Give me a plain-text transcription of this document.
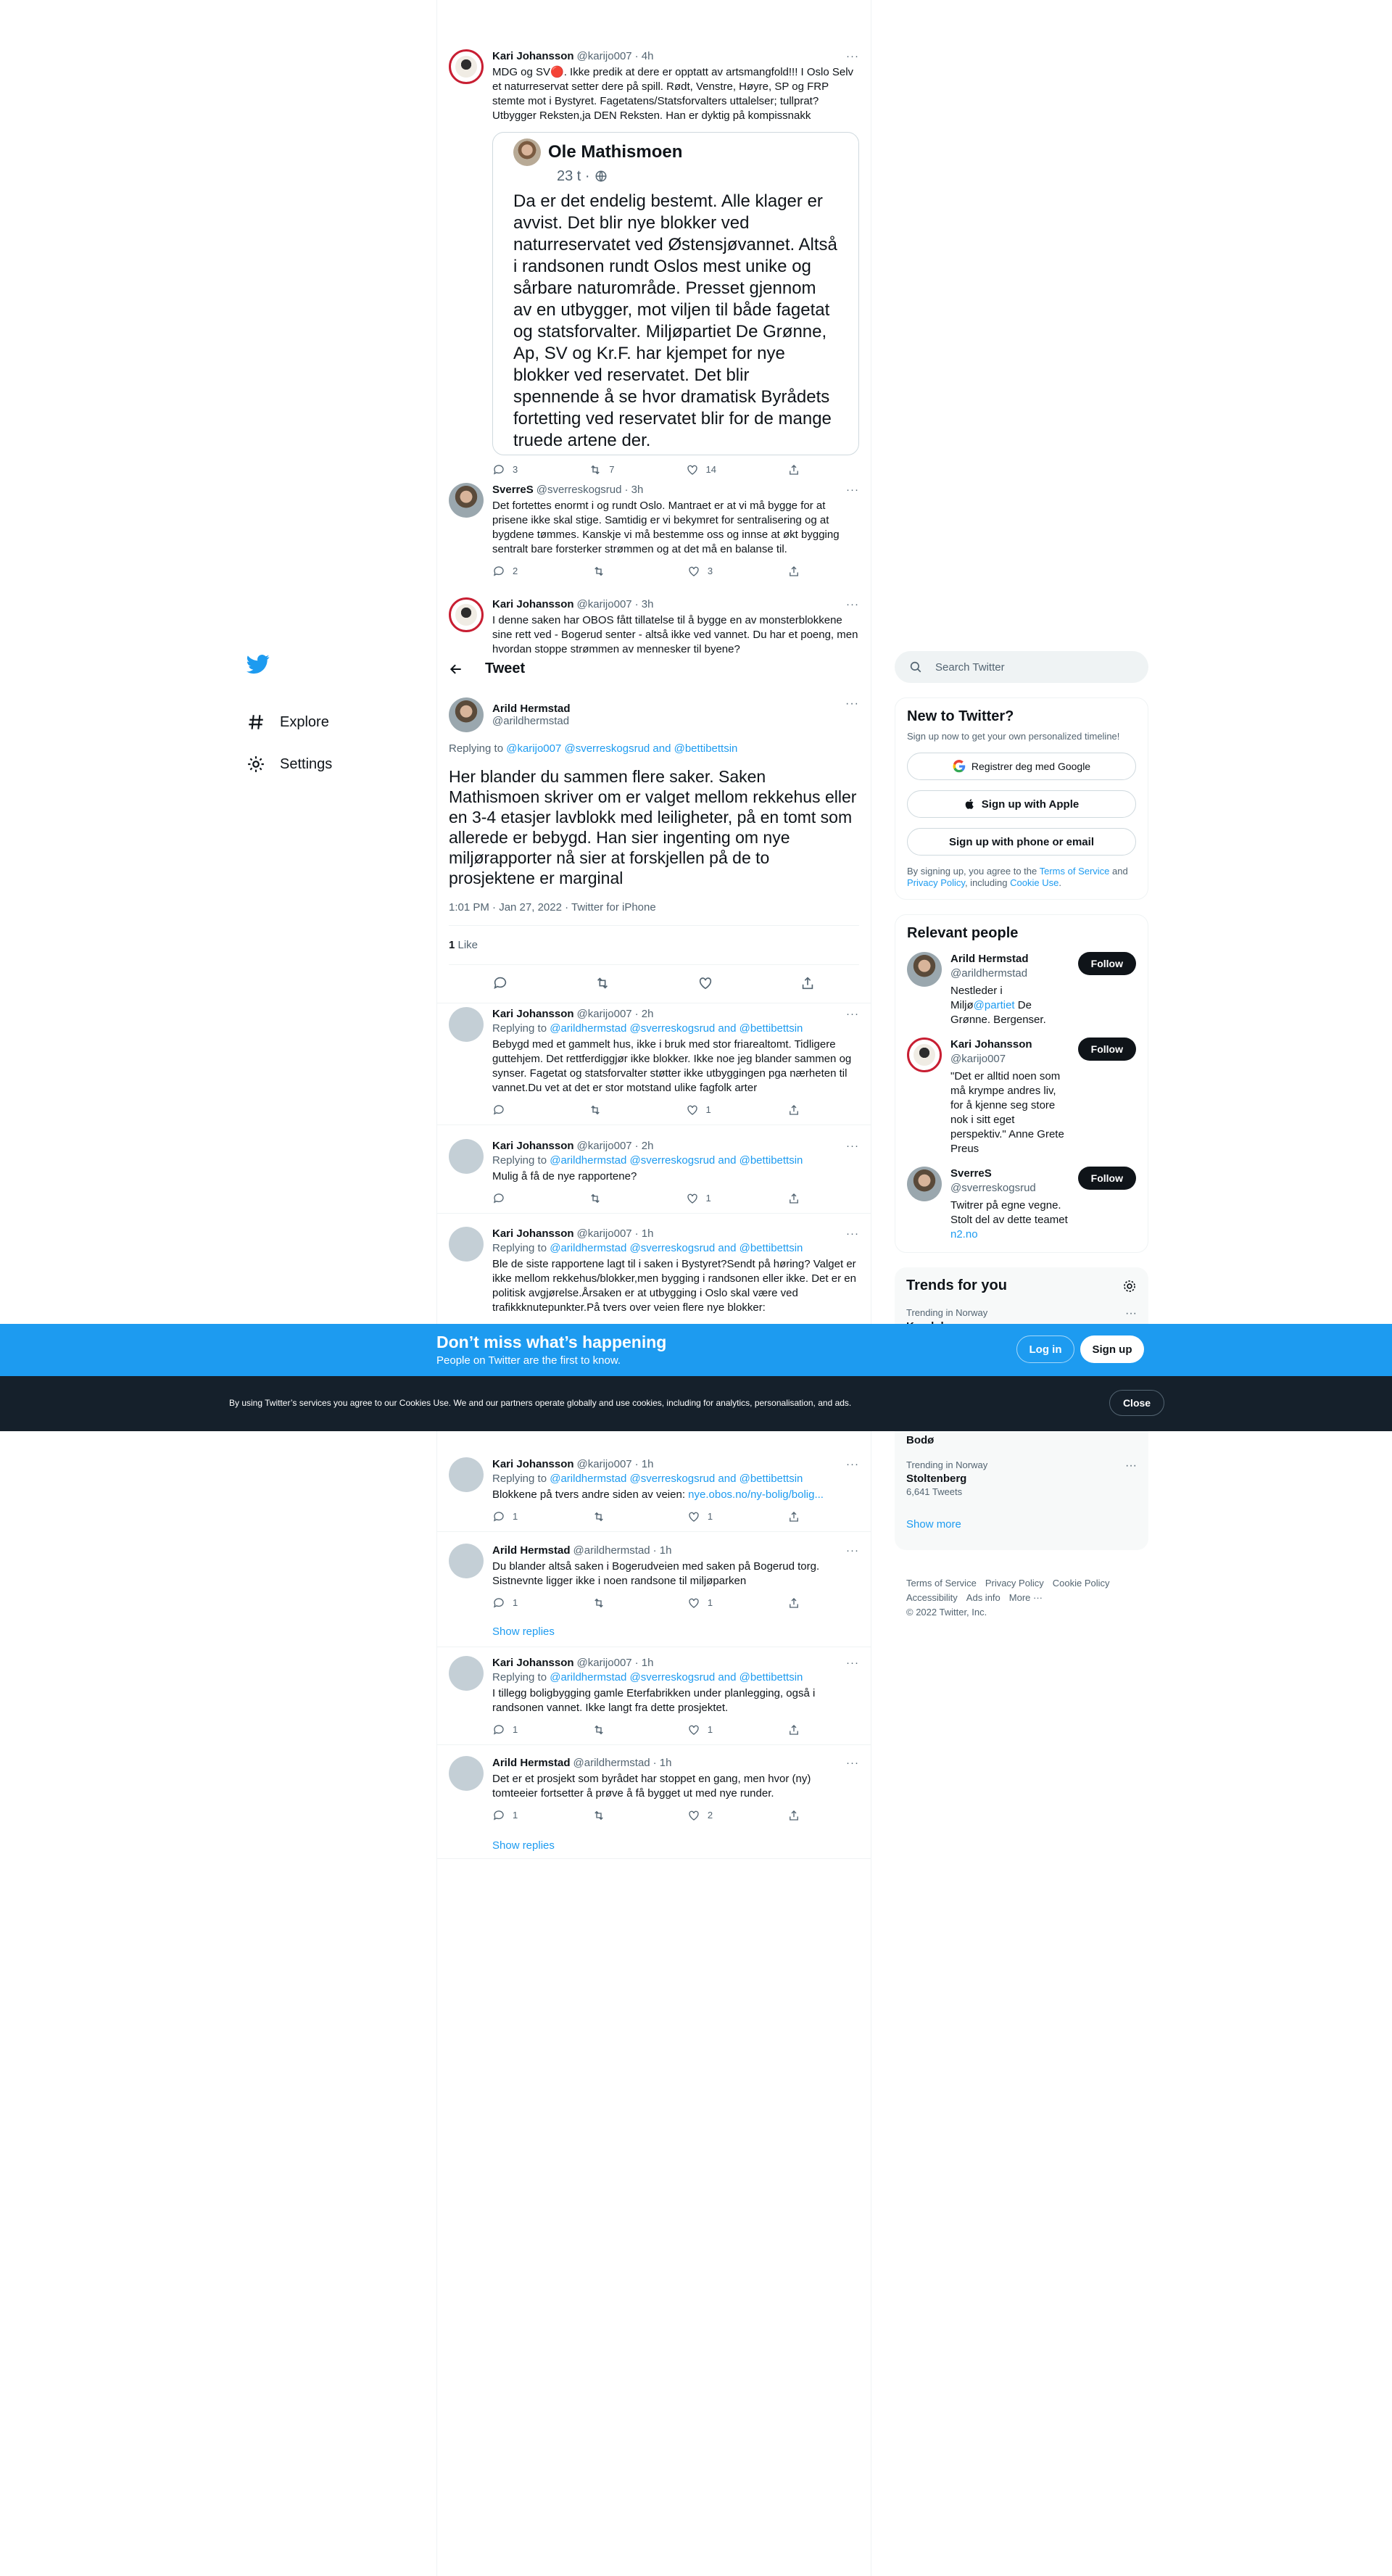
Explore
Settings
Kari Johansson @karijo007 · 4h	···
MDG og SV🔴. Ikke predik at dere er opptatt av artsmangfold!!! I Oslo Selv et naturreservat setter dere på spill. Rødt, Venstre, Høyre, SP og FRP stemte mot i Bystyret. Fagetatens/Statsforvalters uttalelser; tullprat? Utbygger Reksten,ja DEN Reksten. Han er dyktig på kompissnakk
Ole Mathismoen
23 t ·
Da er det endelig bestemt. Alle klager er avvist. Det blir nye blokker ved naturreservatet ved Østensjøvannet. Altså i randsonen rundt Oslos mest unike og sårbare naturområde. Presset gjennom av en utbygger, mot viljen til både fagetat og statsforvalter. Miljøpartiet De Grønne, Ap, SV og Kr.F. har kjempet for nye blokker ved reservatet. Det blir spennende å se hvor dramatisk Byrådets fortetting ved reservatet blir for de mange truede artene der.
3	7	14
SverreS @sverreskogsrud · 3h	···
Det fortettes enormt i og rundt Oslo. Mantraet er at vi må bygge for at prisene ikke skal stige. Samtidig er vi bekymret for sentralisering og at bygdene tømmes. Kanskje vi må bestemme oss og innse at økt bygging sentralt bare forsterker strømmen og at det må en balanse til.
2	3
Kari Johansson @karijo007 · 3h	···
I denne saken har OBOS fått tillatelse til å bygge en av monsterblokkene sine rett ved - Bogerud senter - altså ikke ved vannet. Du har et poeng, men hvordan stoppe strømmen av mennesker til byene?
Tweet
Arild Hermstad
@arildhermstad
···
Replying to @karijo007 @sverreskogsrud and @bettibettsin
Her blander du sammen flere saker. Saken Mathismoen skriver om er valget mellom rekkehus eller en 3-4 etasjer lavblokk med leiligheter, på en tomt som allerede er bebygd. Han sier ingenting om nye miljørapporter nå sier at forskjellen på de to prosjektene er marginal
1:01 PM · Jan 27, 2022 · Twitter for iPhone
1 Like
Kari Johansson @karijo007 · 2h	···
Replying to @arildhermstad @sverreskogsrud and @bettibettsin
Bebygd med et gammelt hus, ikke i bruk med stor friarealtomt. Tidligere gutteh​jem. Det rettferdiggjør ikke blokker. Ikke noe jeg blander sammen og synser. Fagetat og statsforvalter støtter ikke utbyggingen pga nærheten til vannet.Du vet at det er stor motstand ulike fagfolk arter
1
Kari Johansson @karijo007 · 2h	···
Replying to @arildhermstad @sverreskogsrud and @bettibettsin
Mulig å få de nye rapportene?
1
Kari Johansson @karijo007 · 1h	···
Replying to @arildhermstad @sverreskogsrud and @bettibettsin
Ble de siste rapportene lagt til i saken i Bystyret?Sendt på høring? Valget er ikke mellom rekkehus/blokker,men bygging i randsonen eller ikke. Det er en politisk avgjørelse.Årsaken er at utbygging i Oslo skal være ved trafikkknutepunkter.På tvers over veien flere nye blokker:
Kari Johansson @karijo007 · 1h	···
Replying to @arildhermstad @sverreskogsrud and @bettibettsin
Blokkene på tvers andre siden av veien: nye.obos.no/ny-bolig/bolig...
1	1
Arild Hermstad @arildhermstad · 1h	···
Du blander altså saken i Bogerudveien med saken på Bogerud torg. Sistnevnte ligger ikke i noen randsone til miljøparken
1	1
Show replies
Kari Johansson @karijo007 · 1h	···
Replying to @arildhermstad @sverreskogsrud and @bettibettsin
I tillegg boligbygging gamle Eterfabrikken under planlegging, også i randsonen vannet. Ikke langt fra dette prosjektet.
1	1
Arild Hermstad @arildhermstad · 1h	···
Det er et prosjekt som byrådet har stoppet en gang, men hvor (ny) tomteeier fortsetter å prøve å få bygget ut med nye runder.
1	2
Show replies
Search Twitter
New to Twitter?
Sign up now to get your own personalized timeline!
Registrer deg med Google
Sign up with Apple
Sign up with phone or email
By signing up, you agree to the Terms of Service and Privacy Policy, including Cookie Use.
Relevant people
Arild Hermstad
@arildhermstad
Nestleder i Miljø@partiet De Grønne. Bergenser.
Follow
Kari Johansson
@karijo007
"Det er alltid noen som må krympe andres liv, for å kjenne seg store nok i sitt eget perspektiv." Anne Grete Preus
Follow
SverreS
@sverreskogsrud
Twitrer på egne vegne. Stolt del av dette teamet n2.no
Follow
Trends for you
Trending in Norway	···
Bodø
Trending in Norway
Stoltenberg
6,641 Tweets
···
Show more
Terms of Service Privacy Policy Cookie Policy
Accessibility Ads info More ···
© 2022 Twitter, Inc.
Don’t miss what’s happening
People on Twitter are the first to know.
Log in	Sign up
By using Twitter’s services you agree to our Cookies Use. We and our partners operate globally and use cookies, including for analytics, personalisation, and ads.	Close
